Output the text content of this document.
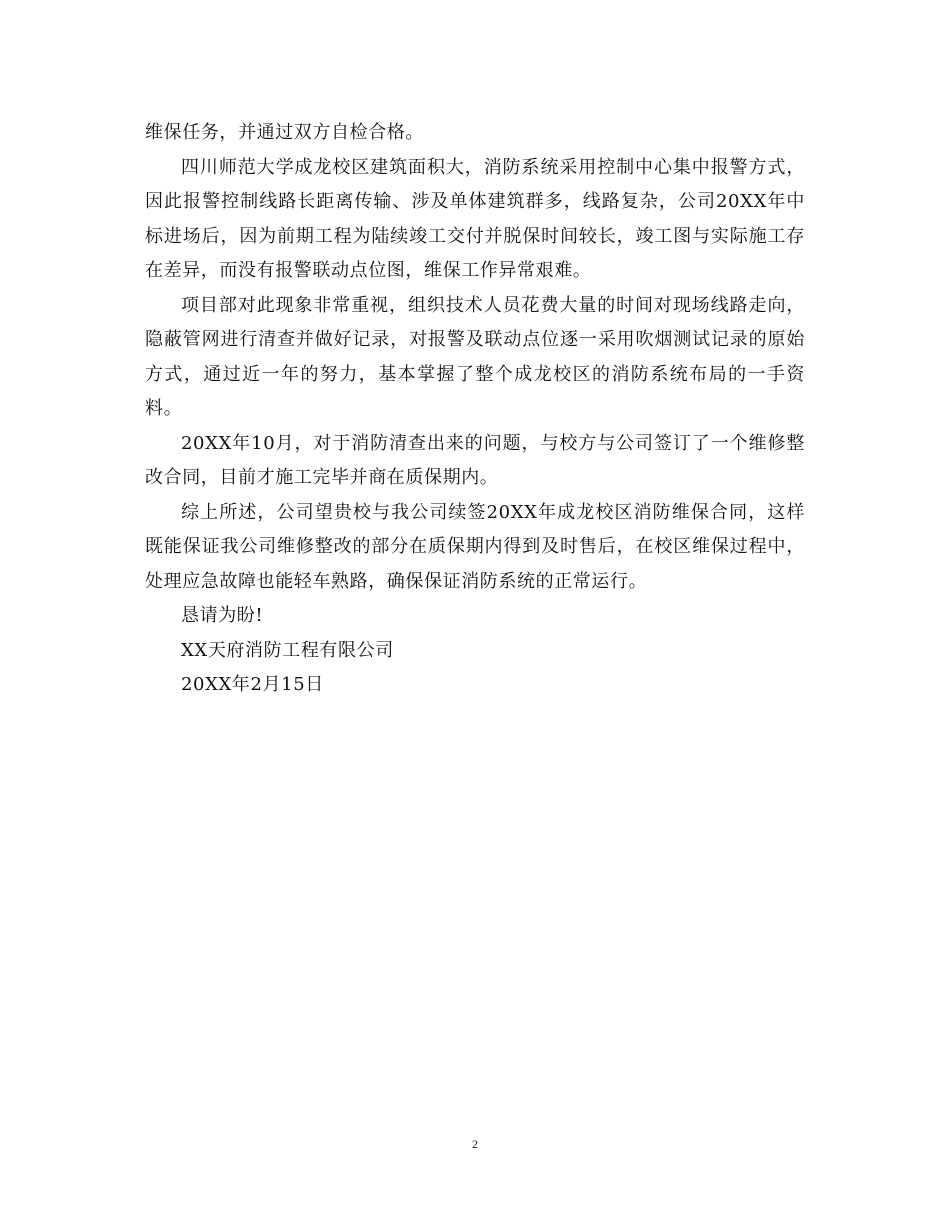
维保任务，并通过双方自检合格。

四川师范大学成龙校区建筑面积大，消防系统采用控制中心集中报警方式，因此报警控制线路长距离传输、涉及单体建筑群多，线路复杂，公司20XX年中标进场后，因为前期工程为陆续竣工交付并脱保时间较长，竣工图与实际施工存在差异，而没有报警联动点位图，维保工作异常艰难。

项目部对此现象非常重视，组织技术人员花费大量的时间对现场线路走向，隐蔽管网进行清查并做好记录，对报警及联动点位逐一采用吹烟测试记录的原始方式，通过近一年的努力，基本掌握了整个成龙校区的消防系统布局的一手资料。

20XX年10月，对于消防清查出来的问题，与校方与公司签订了一个维修整改合同，目前才施工完毕并商在质保期内。

综上所述，公司望贵校与我公司续签20XX年成龙校区消防维保合同，这样既能保证我公司维修整改的部分在质保期内得到及时售后，在校区维保过程中，处理应急故障也能轻车熟路，确保保证消防系统的正常运行。

恳请为盼!

XX天府消防工程有限公司

20XX年2月15日

2
